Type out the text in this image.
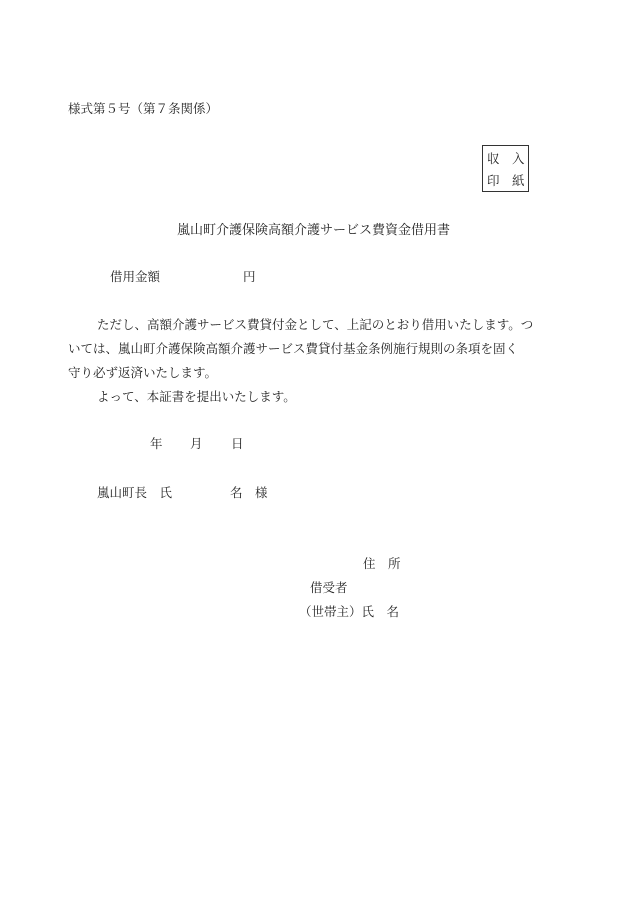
様式第５号（第７条関係）
収　入
印　紙
嵐山町介護保険高額介護サービス費資金借用書
借用金額	円
ただし、高額介護サービス費貸付金として、上記のとおり借用いたします。つ
いては、嵐山町介護保険高額介護サービス費貸付基金条例施行規則の条項を固く
守り必ず返済いたします。
よって、本証書を提出いたします。
年 月 日
嵐山町長　氏	名　様
住　所
借受者
（世帯主）氏　名
